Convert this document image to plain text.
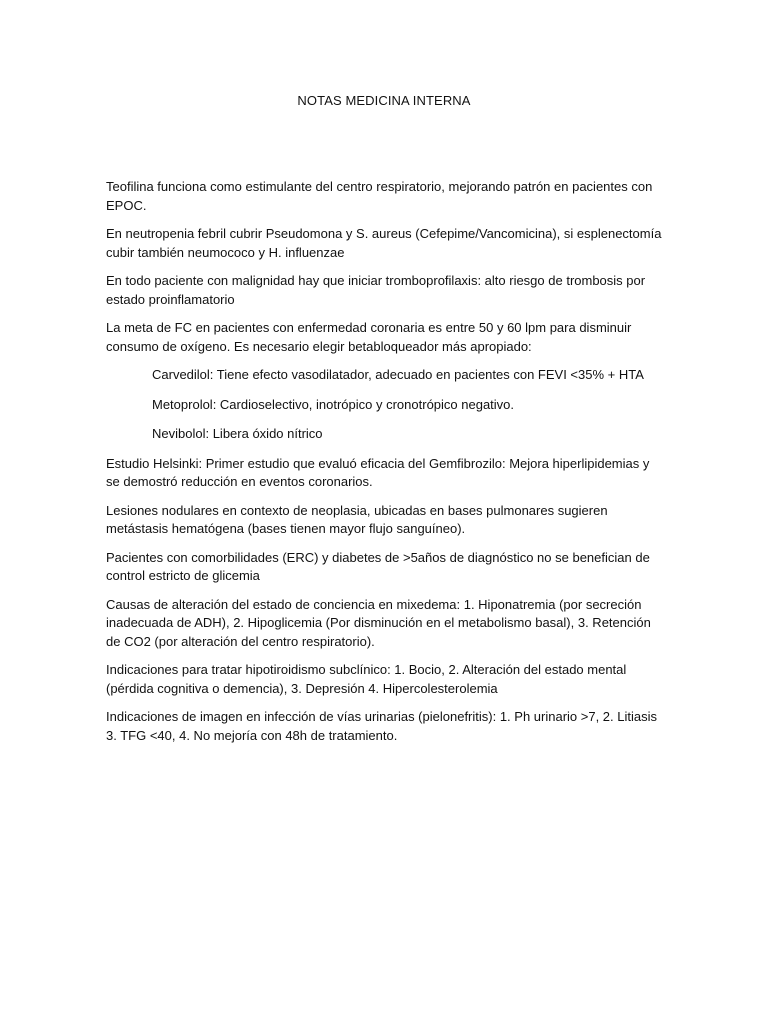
NOTAS MEDICINA INTERNA

Teofilina funciona como estimulante del centro respiratorio, mejorando patrón en pacientes con EPOC.

En neutropenia febril cubrir Pseudomona y S. aureus (Cefepime/Vancomicina), si esplenectomía cubir también neumococo y H. influenzae

En todo paciente con malignidad hay que iniciar tromboprofilaxis: alto riesgo de trombosis por estado proinflamatorio

La meta de FC en pacientes con enfermedad coronaria es entre 50 y 60 lpm para disminuir consumo de oxígeno. Es necesario elegir betabloqueador más apropiado:

Carvedilol: Tiene efecto vasodilatador, adecuado en pacientes con FEVI <35% + HTA

Metoprolol: Cardioselectivo, inotrópico y cronotrópico negativo.

Nevibolol: Libera óxido nítrico

Estudio Helsinki: Primer estudio que evaluó eficacia del Gemfibrozilo: Mejora hiperlipidemias y se demostró reducción en eventos coronarios.

Lesiones nodulares en contexto de neoplasia, ubicadas en bases pulmonares sugieren metástasis hematógena (bases tienen mayor flujo sanguíneo).

Pacientes con comorbilidades (ERC) y diabetes de >5años de diagnóstico no se benefician de control estricto de glicemia

Causas de alteración del estado de conciencia en mixedema: 1. Hiponatremia (por secreción inadecuada de ADH), 2. Hipoglicemia (Por disminución en el metabolismo basal), 3. Retención de CO2 (por alteración del centro respiratorio).

Indicaciones para tratar hipotiroidismo subclínico: 1. Bocio, 2. Alteración del estado mental (pérdida cognitiva o demencia), 3. Depresión 4. Hipercolesterolemia

Indicaciones de imagen en infección de vías urinarias (pielonefritis): 1. Ph urinario >7, 2. Litiasis 3. TFG <40, 4. No mejoría con 48h de tratamiento.
